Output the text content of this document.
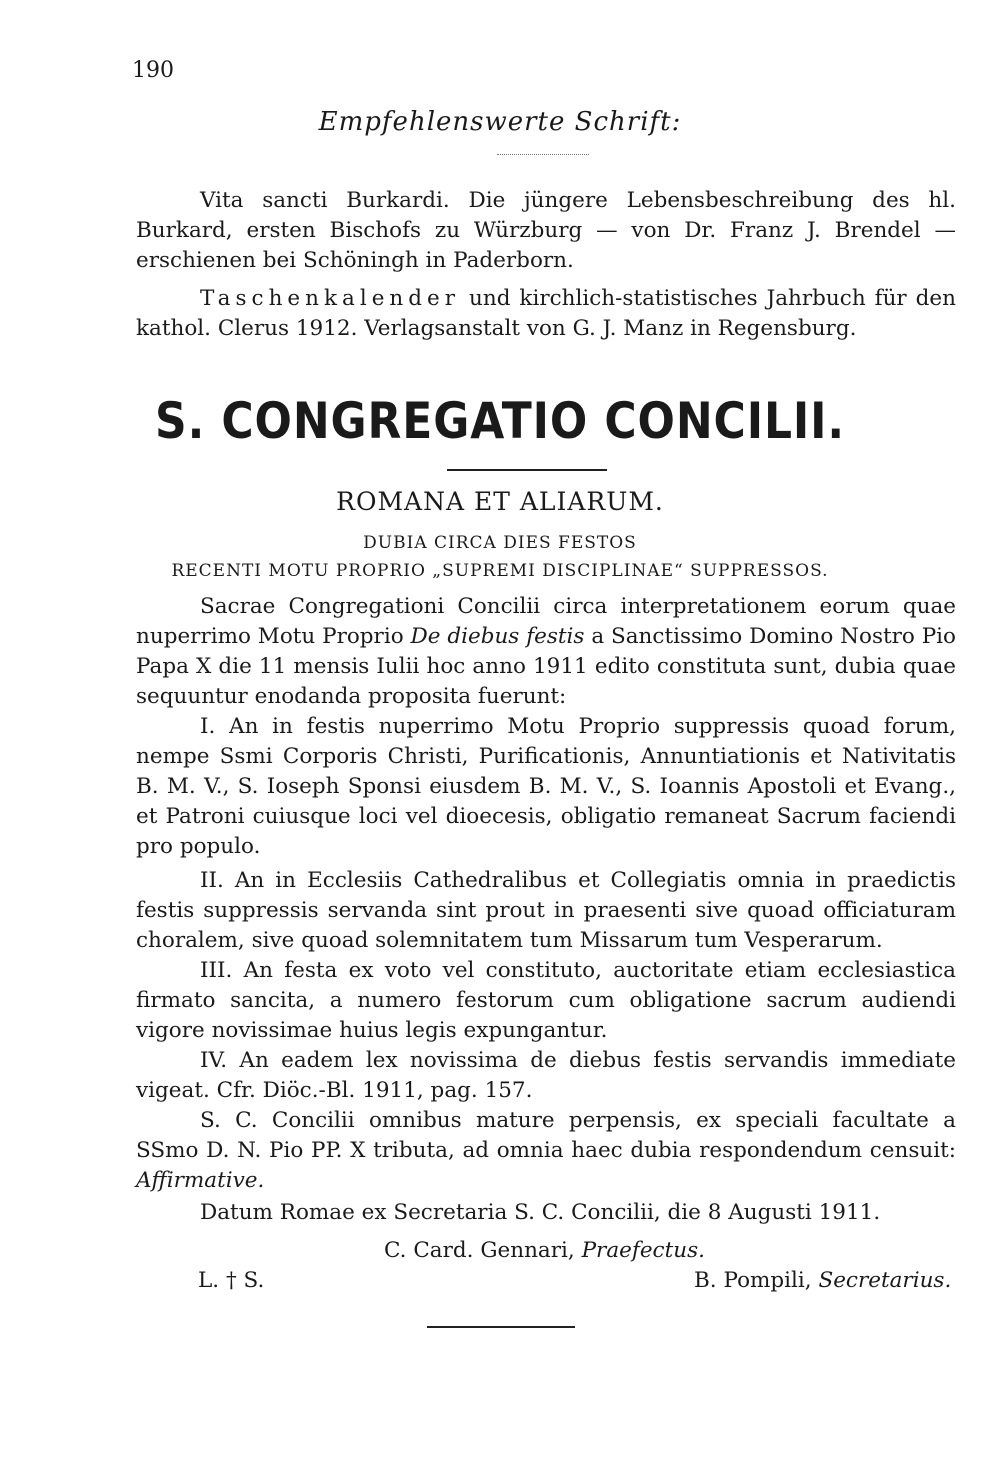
190
Empfehlenswerte Schrift:

Vita sancti Burkardi. Die jüngere Lebensbeschreibung des hl. Burkard, ersten Bischofs zu Würzburg — von Dr. Franz J. Brendel — erschienen bei Schöningh in Paderborn.

Taschenkalender und kirchlich-statistisches Jahrbuch für den kathol. Clerus 1912. Verlagsanstalt von G. J. Manz in Regensburg.

S. CONGREGATIO CONCILII.
ROMANA ET ALIARUM.
DUBIA CIRCA DIES FESTOS
RECENTI MOTU PROPRIO „SUPREMI DISCIPLINAE“ SUPPRESSOS.

Sacrae Congregationi Concilii circa interpretationem eorum quae nuperrimo Motu Proprio De diebus festis a Sanctissimo Domino Nostro Pio Papa X die 11 mensis Iulii hoc anno 1911 edito constituta sunt, dubia quae sequuntur enodanda proposita fuerunt:

I. An in festis nuperrimo Motu Proprio suppressis quoad forum, nempe Ssmi Corporis Christi, Purificationis, Annuntiationis et Nativitatis B. M. V., S. Ioseph Sponsi eiusdem B. M. V., S. Ioannis Apostoli et Evang., et Patroni cuiusque loci vel dioecesis, obligatio remaneat Sacrum faciendi pro populo.

II. An in Ecclesiis Cathedralibus et Collegiatis omnia in praedictis festis suppressis servanda sint prout in praesenti sive quoad officiaturam choralem, sive quoad solemnitatem tum Missarum tum Vesperarum.

III. An festa ex voto vel constituto, auctoritate etiam ecclesiastica firmato sancita, a numero festorum cum obligatione sacrum audiendi vigore novissimae huius legis expungantur.

IV. An eadem lex novissima de diebus festis servandis immediate vigeat. Cfr. Diöc.-Bl. 1911, pag. 157.

S. C. Concilii omnibus mature perpensis, ex speciali facultate a SSmo D. N. Pio PP. X tributa, ad omnia haec dubia respondendum censuit: Affirmative.

Datum Romae ex Secretaria S. C. Concilii, die 8 Augusti 1911.

C. Card. Gennari, Praefectus.
L. † S.	B. Pompili, Secretarius.
